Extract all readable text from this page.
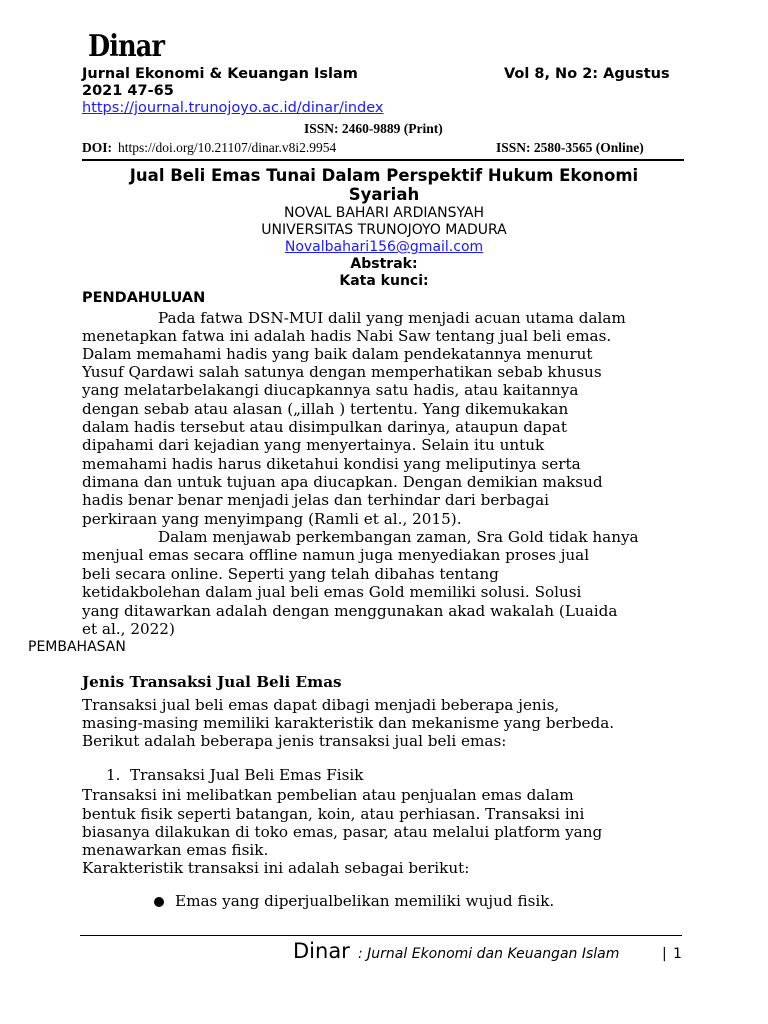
Dinar
Jurnal Ekonomi & Keuangan Islam	Vol 8, No 2: Agustus
2021 47-65
https://journal.trunojoyo.ac.id/dinar/index
ISSN: 2460-9889 (Print)
DOI: https://doi.org/10.21107/dinar.v8i2.9954	ISSN: 2580-3565 (Online)
Jual Beli Emas Tunai Dalam Perspektif Hukum Ekonomi
Syariah
NOVAL BAHARI ARDIANSYAH
UNIVERSITAS TRUNOJOYO MADURA
Novalbahari156@gmail.com
Abstrak:
Kata kunci:
PENDAHULUAN
Pada fatwa DSN-MUI dalil yang menjadi acuan utama dalam
menetapkan fatwa ini adalah hadis Nabi Saw tentang jual beli emas.
Dalam memahami hadis yang baik dalam pendekatannya menurut
Yusuf Qardawi salah satunya dengan memperhatikan sebab khusus
yang melatarbelakangi diucapkannya satu hadis, atau kaitannya
dengan sebab atau alasan („illah ) tertentu. Yang dikemukakan
dalam hadis tersebut atau disimpulkan darinya, ataupun dapat
dipahami dari kejadian yang menyertainya. Selain itu untuk
memahami hadis harus diketahui kondisi yang meliputinya serta
dimana dan untuk tujuan apa diucapkan. Dengan demikian maksud
hadis benar benar menjadi jelas dan terhindar dari berbagai
perkiraan yang menyimpang (Ramli et al., 2015).
Dalam menjawab perkembangan zaman, Sra Gold tidak hanya
menjual emas secara offline namun juga menyediakan proses jual
beli secara online. Seperti yang telah dibahas tentang
ketidakbolehan dalam jual beli emas Gold memiliki solusi. Solusi
yang ditawarkan adalah dengan menggunakan akad wakalah (Luaida
et al., 2022)
PEMBAHASAN
Jenis Transaksi Jual Beli Emas
Transaksi jual beli emas dapat dibagi menjadi beberapa jenis,
masing-masing memiliki karakteristik dan mekanisme yang berbeda.
Berikut adalah beberapa jenis transaksi jual beli emas:
1. Transaksi Jual Beli Emas Fisik
Transaksi ini melibatkan pembelian atau penjualan emas dalam
bentuk fisik seperti batangan, koin, atau perhiasan. Transaksi ini
biasanya dilakukan di toko emas, pasar, atau melalui platform yang
menawarkan emas fisik.
Karakteristik transaksi ini adalah sebagai berikut:
Emas yang diperjualbelikan memiliki wujud fisik.
Dinar : Jurnal Ekonomi dan Keuangan Islam	| 1
